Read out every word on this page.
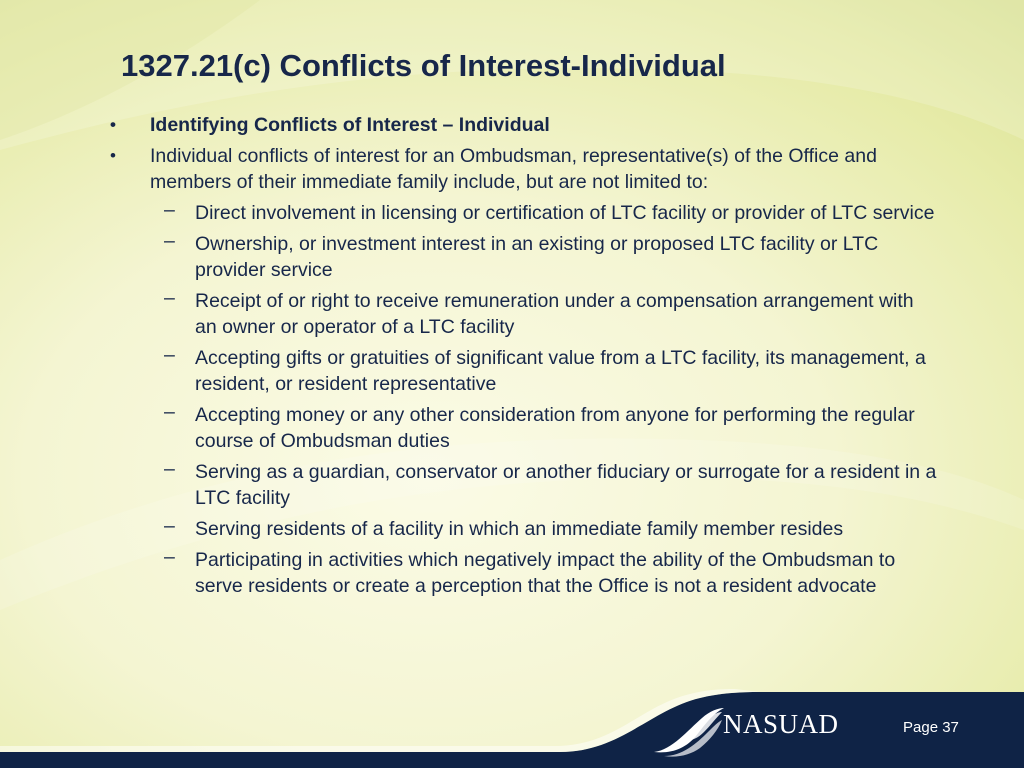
1327.21(c) Conflicts of Interest-Individual
•	Identifying Conflicts of Interest – Individual
•	Individual conflicts of interest for an Ombudsman, representative(s) of the Office and members of their immediate family include, but are not limited to:
–	Direct involvement in licensing or certification of LTC facility or provider of LTC service
–	Ownership, or investment interest in an existing or proposed LTC facility or LTC provider service
–	Receipt of or right to receive remuneration under a compensation arrangement with an owner or operator of a LTC facility
–	Accepting gifts or gratuities of significant value from a LTC facility, its management, a resident, or resident representative
–	Accepting money or any other consideration from anyone for performing the regular course of Ombudsman duties
–	Serving as a guardian, conservator or another fiduciary or surrogate for a resident in a LTC facility
–	Serving residents of a facility in which an immediate family member resides
–	Participating in activities which negatively impact the ability of the Ombudsman to serve residents or create a perception that the Office is not a resident advocate
NASUAD	Page 37
